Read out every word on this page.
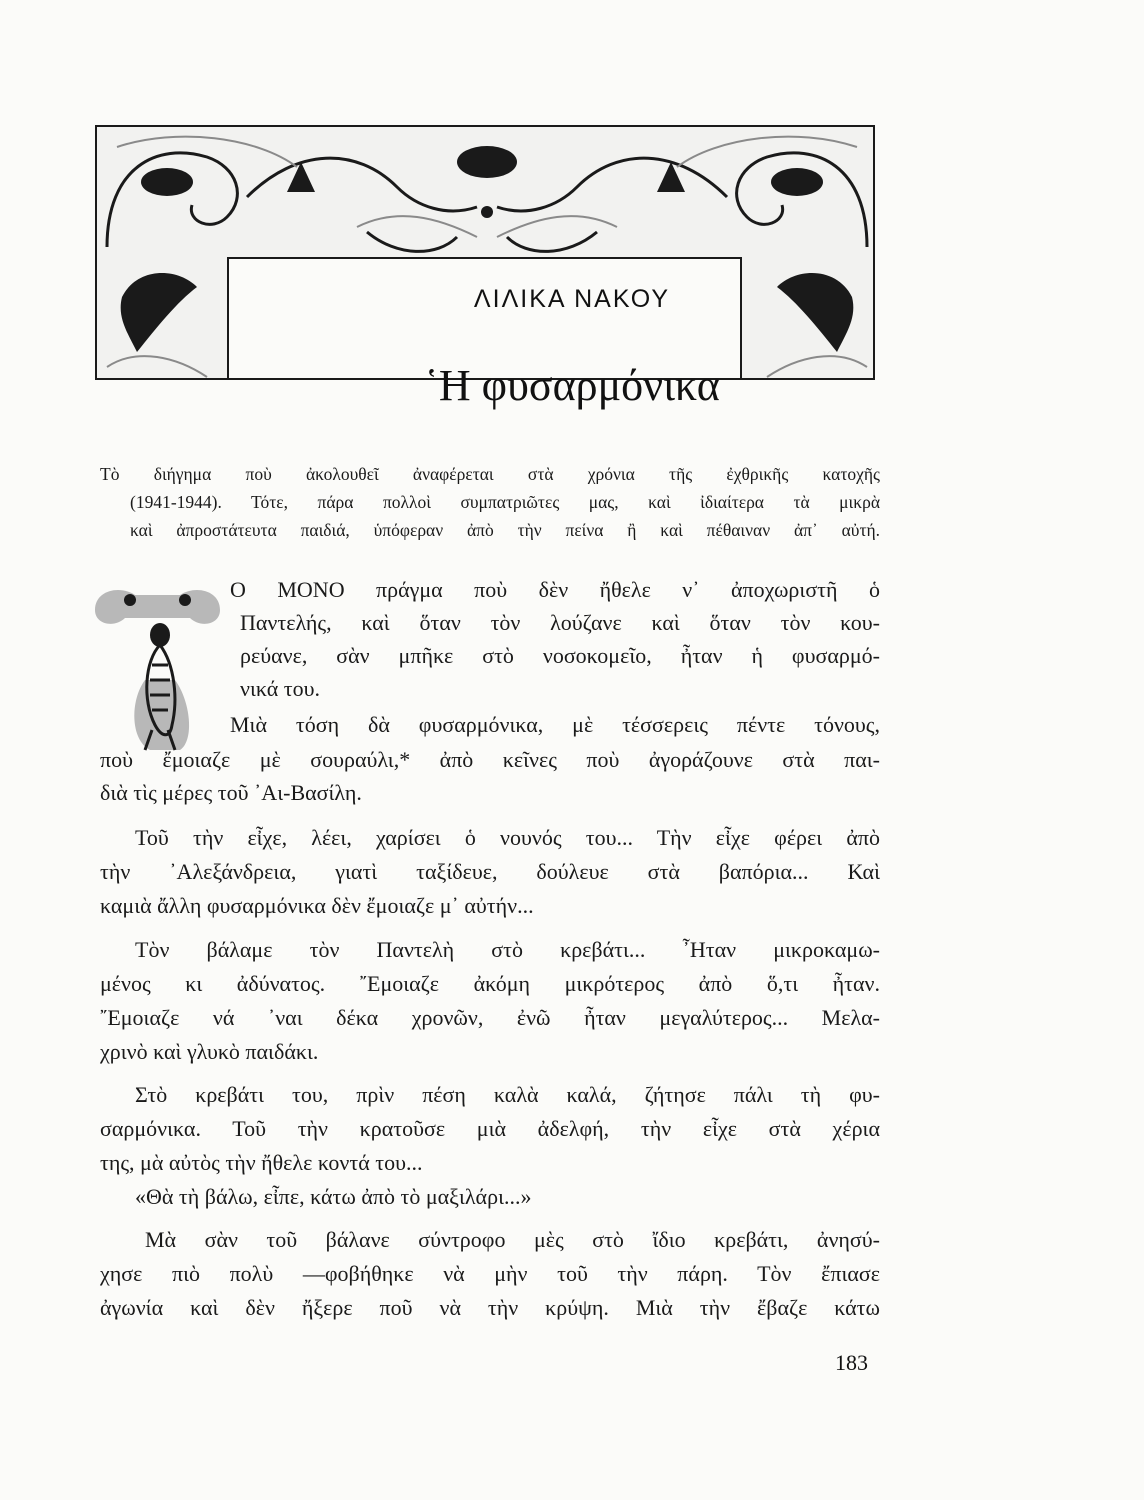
ΛΙΛΙΚΑ ΝΑΚΟΥ
῾Η φυσαρμόνικα
Τὸ διήγημα ποὺ ἀκολουθεῖ ἀναφέρεται στὰ χρόνια τῆς ἐχθρικῆς κατοχῆς
(1941-1944). Τότε, πάρα πολλοὶ συμπατριῶτες μας, καὶ ἰδιαίτερα τὰ μικρὰ
καὶ ἀπροστάτευτα παιδιά, ὑπόφεραν ἀπὸ τὴν πείνα ἢ καὶ πέθαιναν ἀπ᾿ αὐτή.
Ο ΜΟΝΟ πράγμα ποὺ δὲν ἤθελε ν᾿ ἀποχωριστῆ ὁ
Παντελής, καὶ ὅταν τὸν λούζανε καὶ ὅταν τὸν κου-
ρεύανε, σὰν μπῆκε στὸ νοσοκομεῖο, ἦταν ἡ φυσαρμό-
νικά του.
Μιὰ τόση δὰ φυσαρμόνικα, μὲ τέσσερεις πέντε τόνους,
ποὺ ἔμοιαζε μὲ σουραύλι,* ἀπὸ κεῖνες ποὺ ἀγοράζουνε στὰ παι-
διὰ τὶς μέρες τοῦ ᾿Αι-Βασίλη.
Τοῦ τὴν εἶχε, λέει, χαρίσει ὁ νουνός του... Τὴν εἶχε φέρει ἀπὸ
τὴν ᾿Αλεξάνδρεια, γιατὶ ταξίδευε, δούλευε στὰ βαπόρια... Καὶ
καμιὰ ἄλλη φυσαρμόνικα δὲν ἔμοιαζε μ᾿ αὐτήν...
Τὸν βάλαμε τὸν Παντελὴ στὸ κρεβάτι... ῏Ηταν μικροκαμω-
μένος κι ἀδύνατος. ῎Εμοιαζε ἀκόμη μικρότερος ἀπὸ ὅ,τι ἦταν.
῎Εμοιαζε νά ᾿ναι δέκα χρονῶν, ἐνῶ ἦταν μεγαλύτερος... Μελα-
χρινὸ καὶ γλυκὸ παιδάκι.
Στὸ κρεβάτι του, πρὶν πέση καλὰ καλά, ζήτησε πάλι τὴ φυ-
σαρμόνικα. Τοῦ τὴν κρατοῦσε μιὰ ἀδελφή, τὴν εἶχε στὰ χέρια
της, μὰ αὐτὸς τὴν ἤθελε κοντά του...
«Θὰ τὴ βάλω, εἶπε, κάτω ἀπὸ τὸ μαξιλάρι...»
Μὰ σὰν τοῦ βάλανε σύντροφο μὲς στὸ ἴδιο κρεβάτι, ἀνησύ-
χησε πιὸ πολὺ —φοβήθηκε νὰ μὴν τοῦ τὴν πάρη. Τὸν ἔπιασε
ἀγωνία καὶ δὲν ἤξερε ποῦ νὰ τὴν κρύψη. Μιὰ τὴν ἔβαζε κάτω
183
